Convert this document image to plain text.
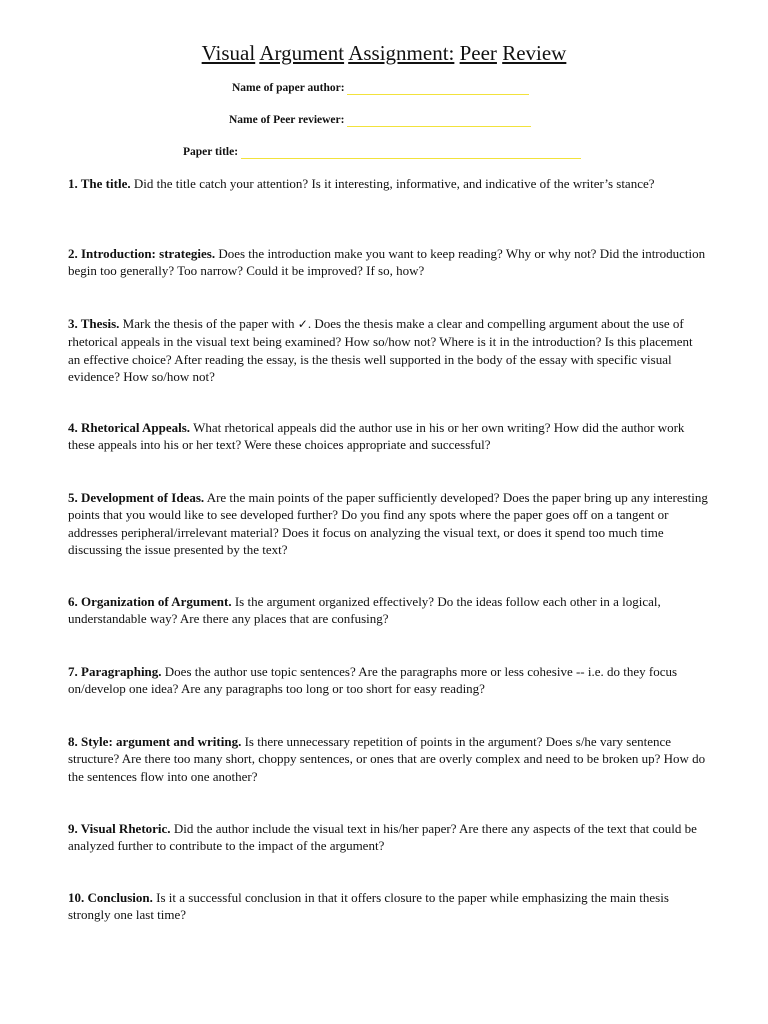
Visual Argument Assignment: Peer Review
Name of paper author:
Name of Peer reviewer:
Paper title:
1. The title. Did the title catch your attention? Is it interesting, informative, and indicative of the writer’s stance?
2. Introduction: strategies. Does the introduction make you want to keep reading? Why or why not? Did the introduction begin too generally? Too narrow? Could it be improved? If so, how?
3. Thesis. Mark the thesis of the paper with ✓. Does the thesis make a clear and compelling argument about the use of rhetorical appeals in the visual text being examined? How so/how not? Where is it in the introduction? Is this placement an effective choice? After reading the essay, is the thesis well supported in the body of the essay with specific visual evidence? How so/how not?
4. Rhetorical Appeals. What rhetorical appeals did the author use in his or her own writing? How did the author work these appeals into his or her text? Were these choices appropriate and successful?
5. Development of Ideas. Are the main points of the paper sufficiently developed? Does the paper bring up any interesting points that you would like to see developed further? Do you find any spots where the paper goes off on a tangent or addresses peripheral/irrelevant material? Does it focus on analyzing the visual text, or does it spend too much time discussing the issue presented by the text?
6. Organization of Argument. Is the argument organized effectively? Do the ideas follow each other in a logical, understandable way? Are there any places that are confusing?
7. Paragraphing. Does the author use topic sentences? Are the paragraphs more or less cohesive -- i.e. do they focus on/develop one idea? Are any paragraphs too long or too short for easy reading?
8. Style: argument and writing. Is there unnecessary repetition of points in the argument? Does s/he vary sentence structure? Are there too many short, choppy sentences, or ones that are overly complex and need to be broken up? How do the sentences flow into one another?
9. Visual Rhetoric. Did the author include the visual text in his/her paper? Are there any aspects of the text that could be analyzed further to contribute to the impact of the argument?
10. Conclusion. Is it a successful conclusion in that it offers closure to the paper while emphasizing the main thesis strongly one last time?
